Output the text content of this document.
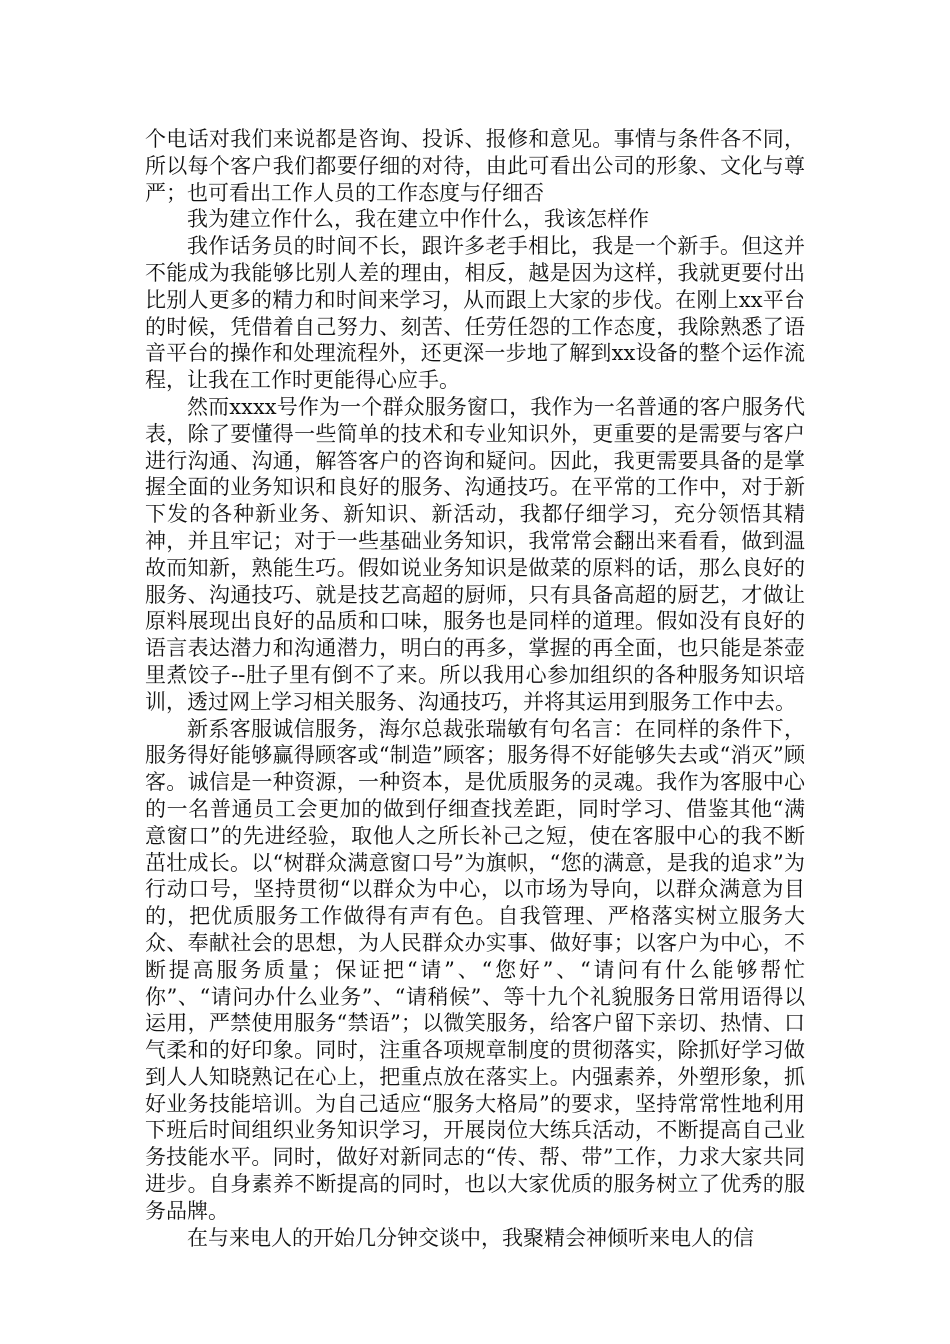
个电话对我们来说都是咨询、投诉、报修和意见。事情与条件各不同，所以每个客户我们都要仔细的对待，由此可看出公司的形象、文化与尊严；也可看出工作人员的工作态度与仔细否

我为建立作什么，我在建立中作什么，我该怎样作

我作话务员的时间不长，跟许多老手相比，我是一个新手。但这并不能成为我能够比别人差的理由，相反，越是因为这样，我就更要付出比别人更多的精力和时间来学习，从而跟上大家的步伐。在刚上xx平台的时候，凭借着自己努力、刻苦、任劳任怨的工作态度，我除熟悉了语音平台的操作和处理流程外，还更深一步地了解到xx设备的整个运作流程，让我在工作时更能得心应手。

然而xxxx号作为一个群众服务窗口，我作为一名普通的客户服务代表，除了要懂得一些简单的技术和专业知识外，更重要的是需要与客户进行沟通、沟通，解答客户的咨询和疑问。因此，我更需要具备的是掌握全面的业务知识和良好的服务、沟通技巧。在平常的工作中，对于新下发的各种新业务、新知识、新活动，我都仔细学习，充分领悟其精神，并且牢记；对于一些基础业务知识，我常常会翻出来看看，做到温故而知新，熟能生巧。假如说业务知识是做菜的原料的话，那么良好的服务、沟通技巧、就是技艺高超的厨师，只有具备高超的厨艺，才做让原料展现出良好的品质和口味，服务也是同样的道理。假如没有良好的语言表达潜力和沟通潜力，明白的再多，掌握的再全面，也只能是茶壶里煮饺子--肚子里有倒不了来。所以我用心参加组织的各种服务知识培训，透过网上学习相关服务、沟通技巧，并将其运用到服务工作中去。

新系客服诚信服务，海尔总裁张瑞敏有句名言：在同样的条件下，服务得好能够赢得顾客或“制造”顾客；服务得不好能够失去或“消灭”顾客。诚信是一种资源，一种资本，是优质服务的灵魂。我作为客服中心的一名普通员工会更加的做到仔细查找差距，同时学习、借鉴其他“满意窗口”的先进经验，取他人之所长补己之短，使在客服中心的我不断茁壮成长。以“树群众满意窗口号”为旗帜，“您的满意，是我的追求”为行动口号，坚持贯彻“以群众为中心，以市场为导向，以群众满意为目的，把优质服务工作做得有声有色。自我管理、严格落实树立服务大众、奉献社会的思想，为人民群众办实事、做好事；以客户为中心，不断提高服务质量；保证把“请”、“您好”、“请问有什么能够帮忙你”、“请问办什么业务”、“请稍候”、等十九个礼貌服务日常用语得以运用，严禁使用服务“禁语”；以微笑服务，给客户留下亲切、热情、口气柔和的好印象。同时，注重各项规章制度的贯彻落实，除抓好学习做到人人知晓熟记在心上，把重点放在落实上。内强素养，外塑形象，抓好业务技能培训。为自己适应“服务大格局”的要求，坚持常常性地利用下班后时间组织业务知识学习，开展岗位大练兵活动，不断提高自己业务技能水平。同时，做好对新同志的“传、帮、带”工作，力求大家共同进步。自身素养不断提高的同时，也以大家优质的服务树立了优秀的服务品牌。

在与来电人的开始几分钟交谈中，我聚精会神倾听来电人的信
